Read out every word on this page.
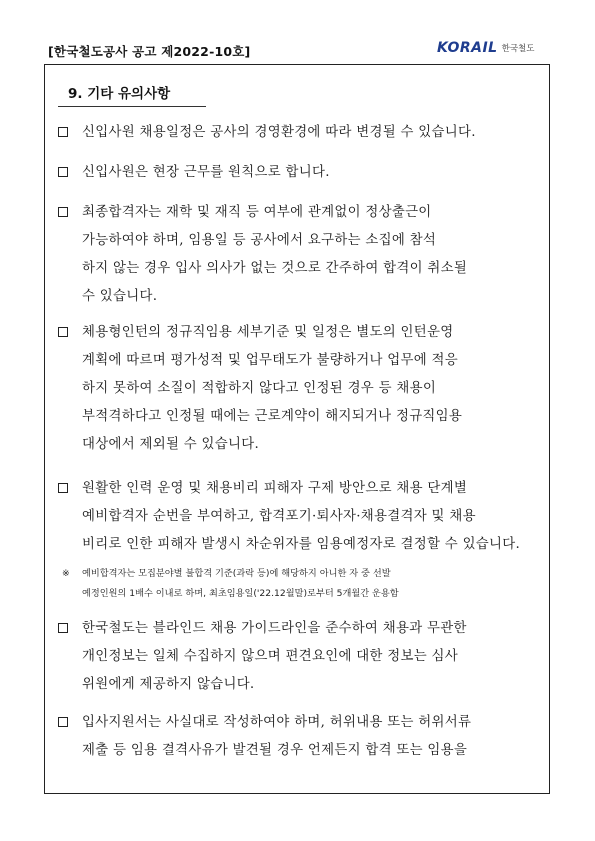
[한국철도공사 공고 제2022-10호]	KORAIL 한국철도
9. 기타 유의사항
신입사원 채용일정은 공사의 경영환경에 따라 변경될 수 있습니다.
신입사원은 현장 근무를 원칙으로 합니다.
최종합격자는 재학 및 재직 등 여부에 관계없이 정상출근이
가능하여야 하며, 임용일 등 공사에서 요구하는 소집에 참석
하지 않는 경우 입사 의사가 없는 것으로 간주하여 합격이 취소될
수 있습니다.
체용형인턴의 정규직임용 세부기준 및 일정은 별도의 인턴운영
계획에 따르며 평가성적 및 업무태도가 불량하거나 업무에 적응
하지 못하여 소질이 적합하지 않다고 인정된 경우 등 채용이
부적격하다고 인정될 때에는 근로계약이 해지되거나 정규직임용
대상에서 제외될 수 있습니다.
원활한 인력 운영 및 채용비리 피해자 구제 방안으로 채용 단계별
예비합격자 순번을 부여하고, 합격포기·퇴사자·채용결격자 및 채용
비리로 인한 피해자 발생시 차순위자를 임용예정자로 결정할 수 있습니다.
※ 예비합격자는 모집분야별 불합격 기준(과락 등)에 해당하지 아니한 자 중 선발
예정인원의 1배수 이내로 하며, 최초임용일('22.12월말)로부터 5개월간 운용함
한국철도는 블라인드 채용 가이드라인을 준수하여 채용과 무관한
개인정보는 일체 수집하지 않으며 편견요인에 대한 정보는 심사
위원에게 제공하지 않습니다.
입사지원서는 사실대로 작성하여야 하며, 허위내용 또는 허위서류
제출 등 임용 결격사유가 발견될 경우 언제든지 합격 또는 임용을
